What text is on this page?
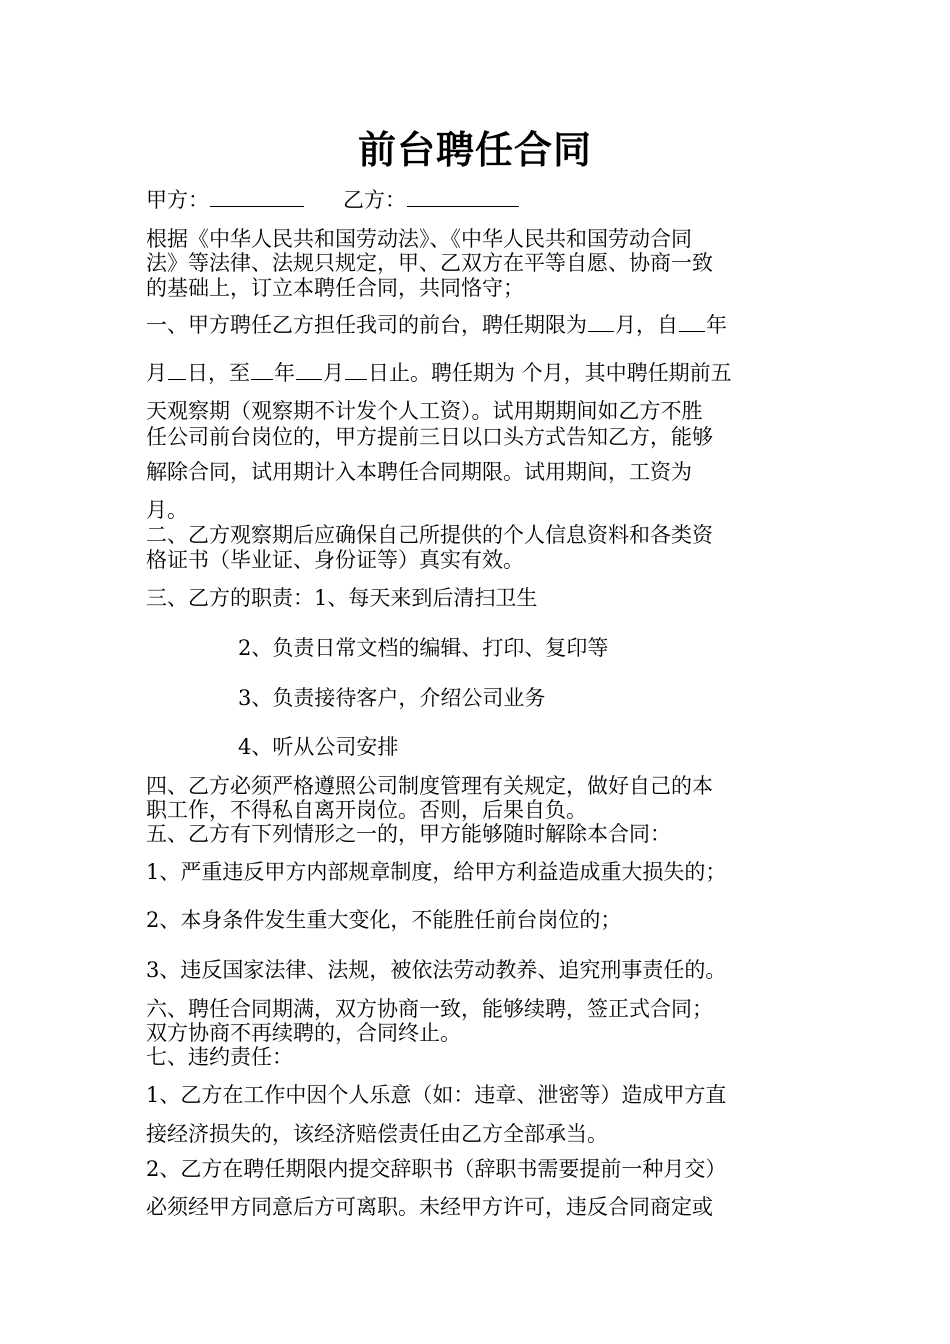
前台聘任合同
甲方：	乙方：
根据《中华人民共和国劳动法》、《中华人民共和国劳动合同
法》等法律、法规只规定，甲、乙双方在平等自愿、协商一致
的基础上，订立本聘任合同，共同恪守；
一、甲方聘任乙方担任我司的前台，聘任期限为 月，自 年
月 日，至 年 月 日止。聘任期为 个月，其中聘任期前五
天观察期（观察期不计发个人工资）。试用期期间如乙方不胜
任公司前台岗位的，甲方提前三日以口头方式告知乙方，能够
解除合同，试用期计入本聘任合同期限。试用期间，工资为
月。
二、乙方观察期后应确保自己所提供的个人信息资料和各类资
格证书（毕业证、身份证等）真实有效。
三、乙方的职责：1、每天来到后清扫卫生
2、负责日常文档的编辑、打印、复印等
3、负责接待客户，介绍公司业务
4、听从公司安排
四、乙方必须严格遵照公司制度管理有关规定，做好自己的本
职工作，不得私自离开岗位。否则，后果自负。
五、乙方有下列情形之一的，甲方能够随时解除本合同：
1、严重违反甲方内部规章制度，给甲方利益造成重大损失的；
2、本身条件发生重大变化，不能胜任前台岗位的；
3、违反国家法律、法规，被依法劳动教养、追究刑事责任的。
六、聘任合同期满，双方协商一致，能够续聘，签正式合同；
双方协商不再续聘的，合同终止。
七、违约责任：
1、乙方在工作中因个人乐意（如：违章、泄密等）造成甲方直
接经济损失的，该经济赔偿责任由乙方全部承当。
2、乙方在聘任期限内提交辞职书（辞职书需要提前一种月交）
必须经甲方同意后方可离职。未经甲方许可，违反合同商定或
